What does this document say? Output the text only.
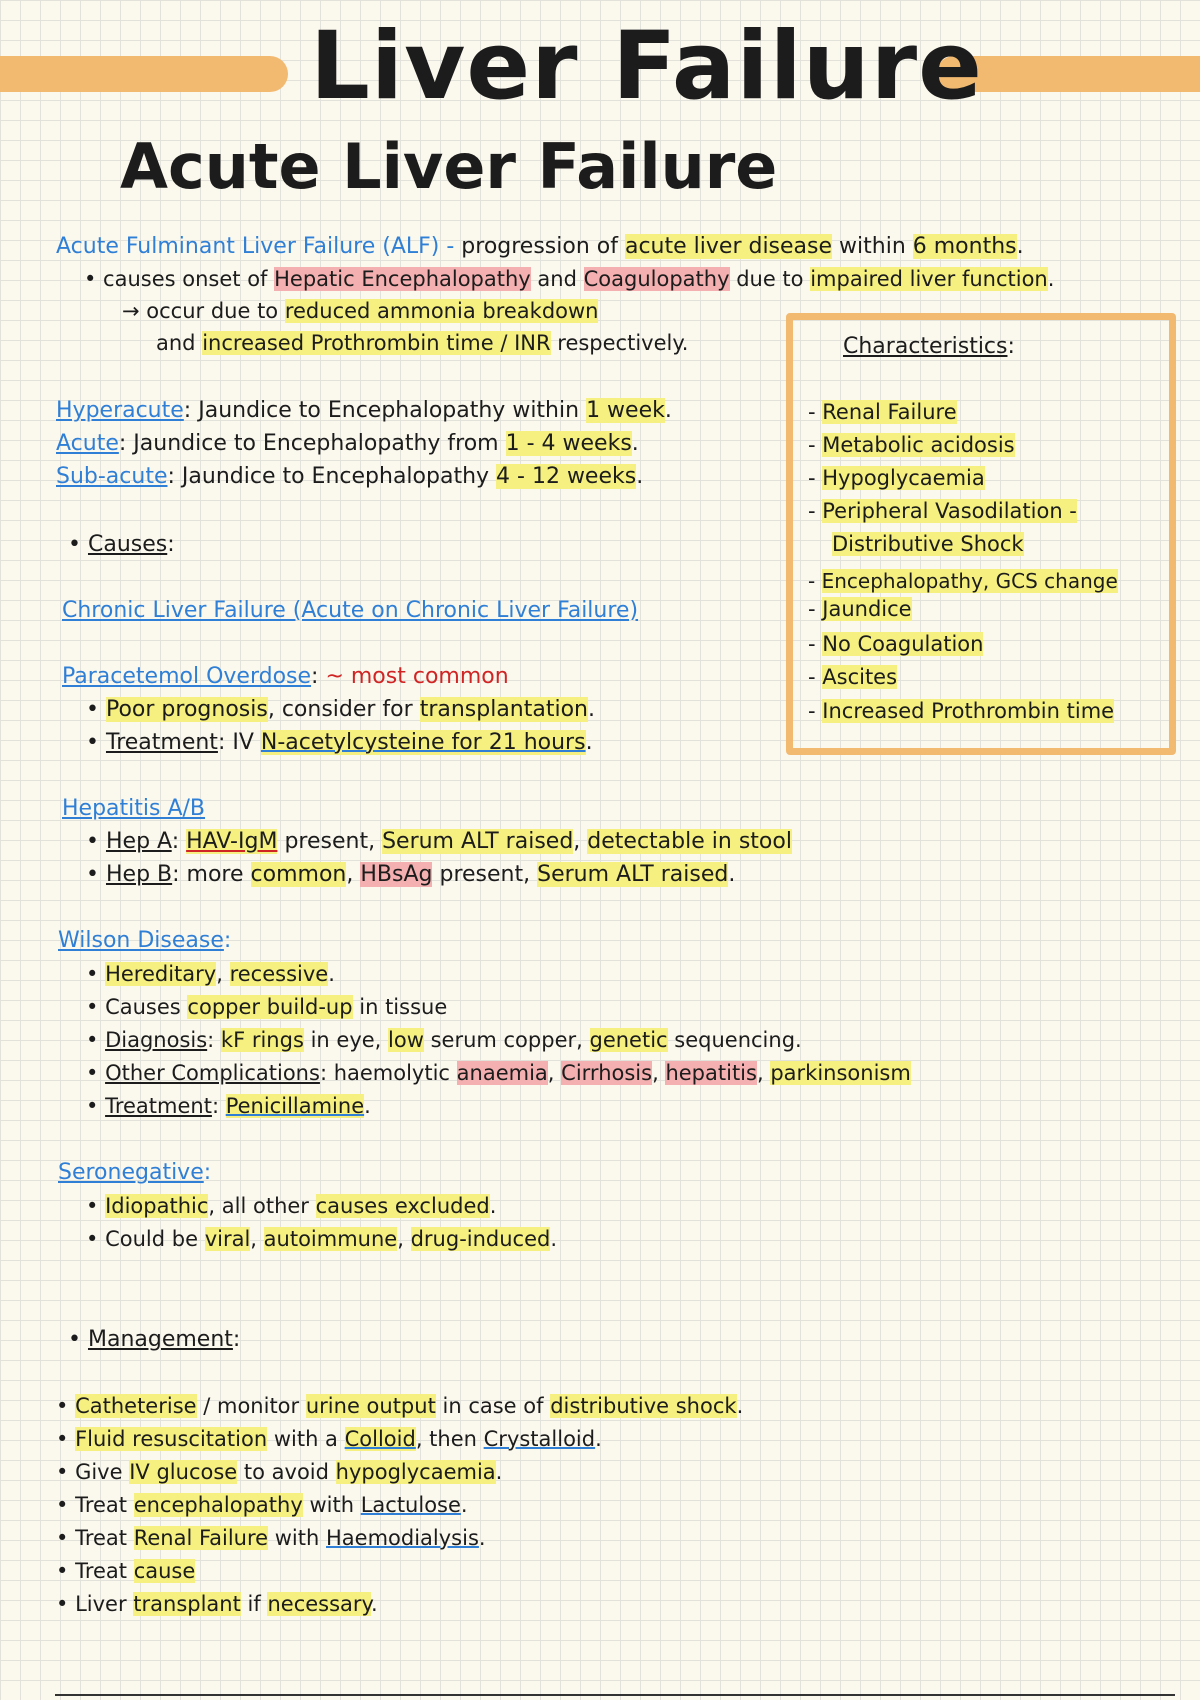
Liver Failure
Acute Liver Failure
Acute Fulminant Liver Failure (ALF) - progression of acute liver disease within 6 months.
• causes onset of Hepatic Encephalopathy and Coagulopathy due to impaired liver function.
→ occur due to reduced ammonia breakdown
and increased Prothrombin time / INR respectively.
Hyperacute: Jaundice to Encephalopathy within 1 week.
Acute: Jaundice to Encephalopathy from 1 - 4 weeks.
Sub-acute: Jaundice to Encephalopathy 4 - 12 weeks.
• Causes:
Chronic Liver Failure (Acute on Chronic Liver Failure)
Paracetemol Overdose: ~ most common
• Poor prognosis, consider for transplantation.
• Treatment: IV N-acetylcysteine for 21 hours.
Hepatitis A/B
• Hep A: HAV-IgM present, Serum ALT raised, detectable in stool
• Hep B: more common, HBsAg present, Serum ALT raised.
Wilson Disease:
• Hereditary, recessive.
• Causes copper build-up in tissue
• Diagnosis: kF rings in eye, low serum copper, genetic sequencing.
• Other Complications: haemolytic anaemia, Cirrhosis, hepatitis, parkinsonism
• Treatment: Penicillamine.
Seronegative:
• Idiopathic, all other causes excluded.
• Could be viral, autoimmune, drug-induced.
• Management:
• Catheterise / monitor urine output in case of distributive shock.
• Fluid resuscitation with a Colloid, then Crystalloid.
• Give IV glucose to avoid hypoglycaemia.
• Treat encephalopathy with Lactulose.
• Treat Renal Failure with Haemodialysis.
• Treat cause
• Liver transplant if necessary.
Characteristics:
- Renal Failure
- Metabolic acidosis
- Hypoglycaemia
- Peripheral Vasodilation -
Distributive Shock
- Encephalopathy, GCS change
- Jaundice
- No Coagulation
- Ascites
- Increased Prothrombin time
